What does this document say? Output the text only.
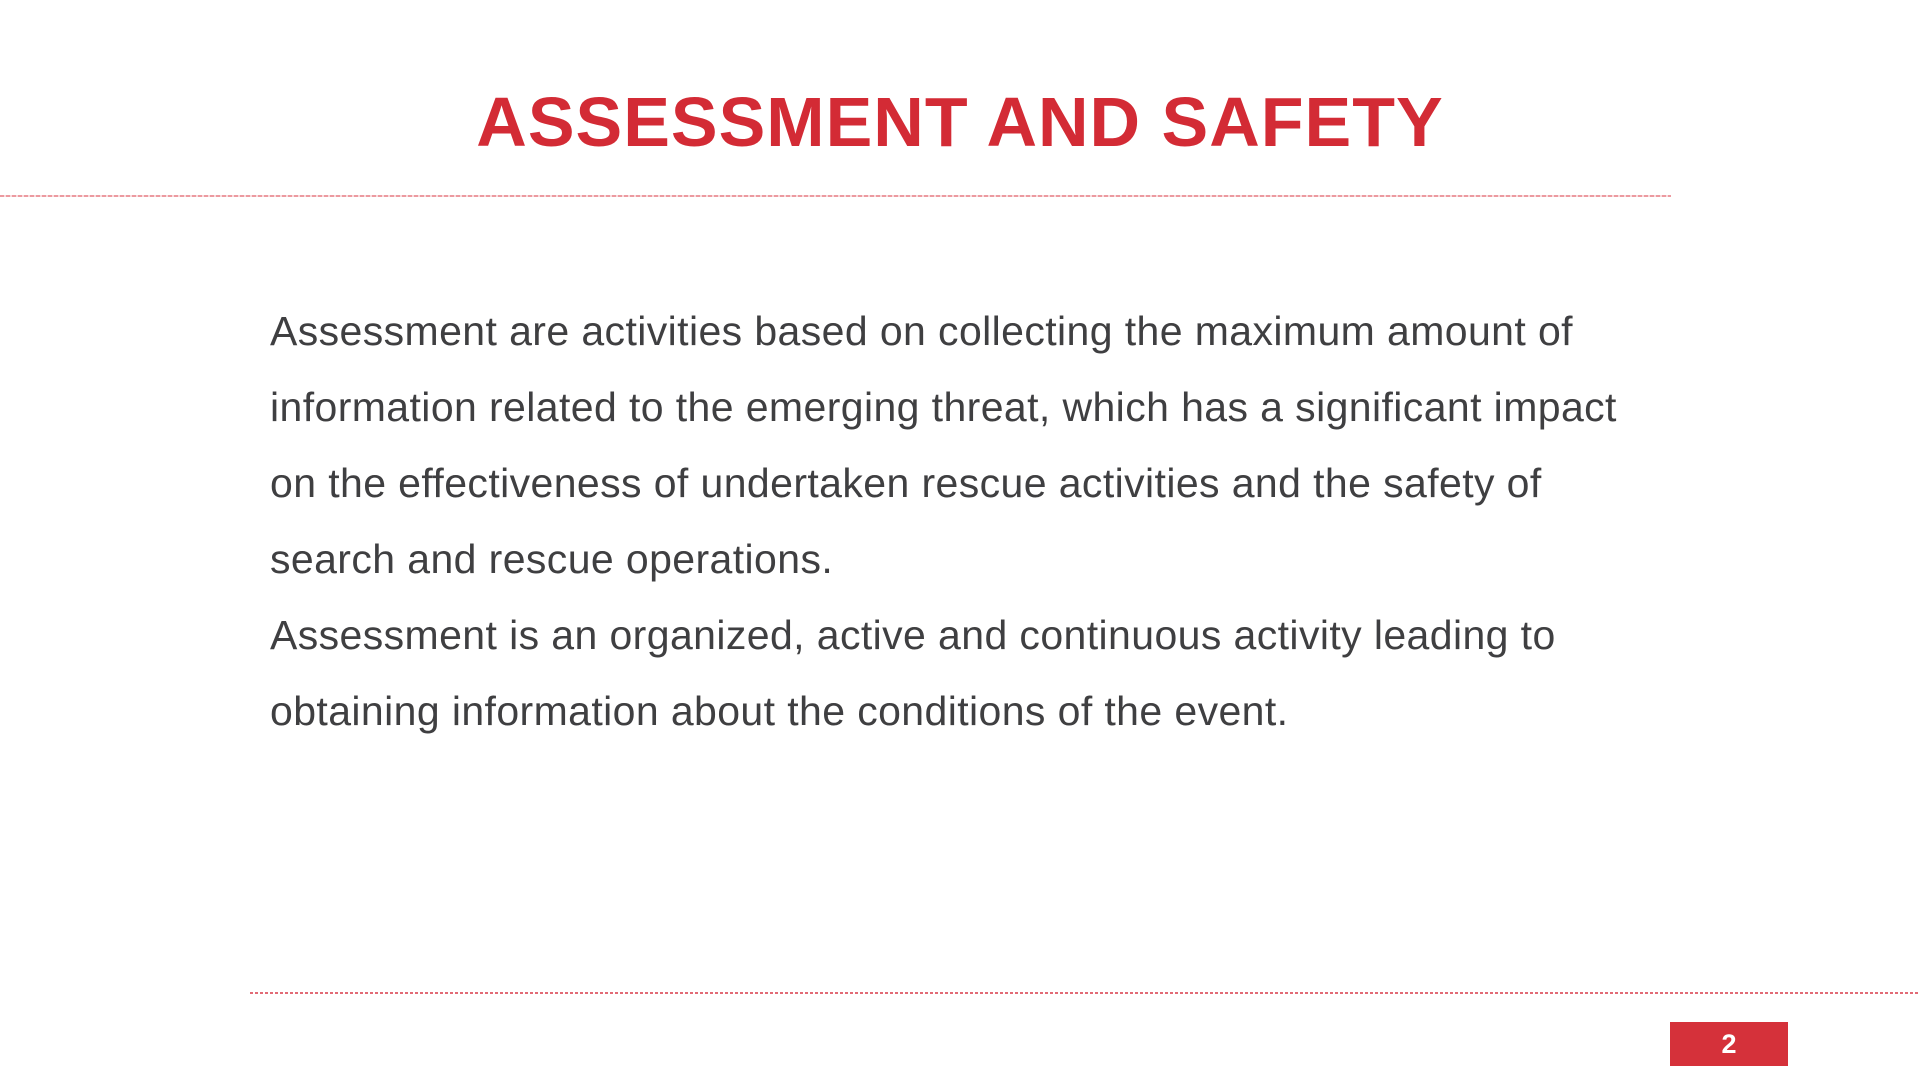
ASSESSMENT AND SAFETY
Assessment are activities based on collecting the maximum amount of
information related to the emerging threat, which has a significant impact
on the effectiveness of undertaken rescue activities and the safety of
search and rescue operations.
Assessment is an organized, active and continuous activity leading to
obtaining information about the conditions of the event.
2
